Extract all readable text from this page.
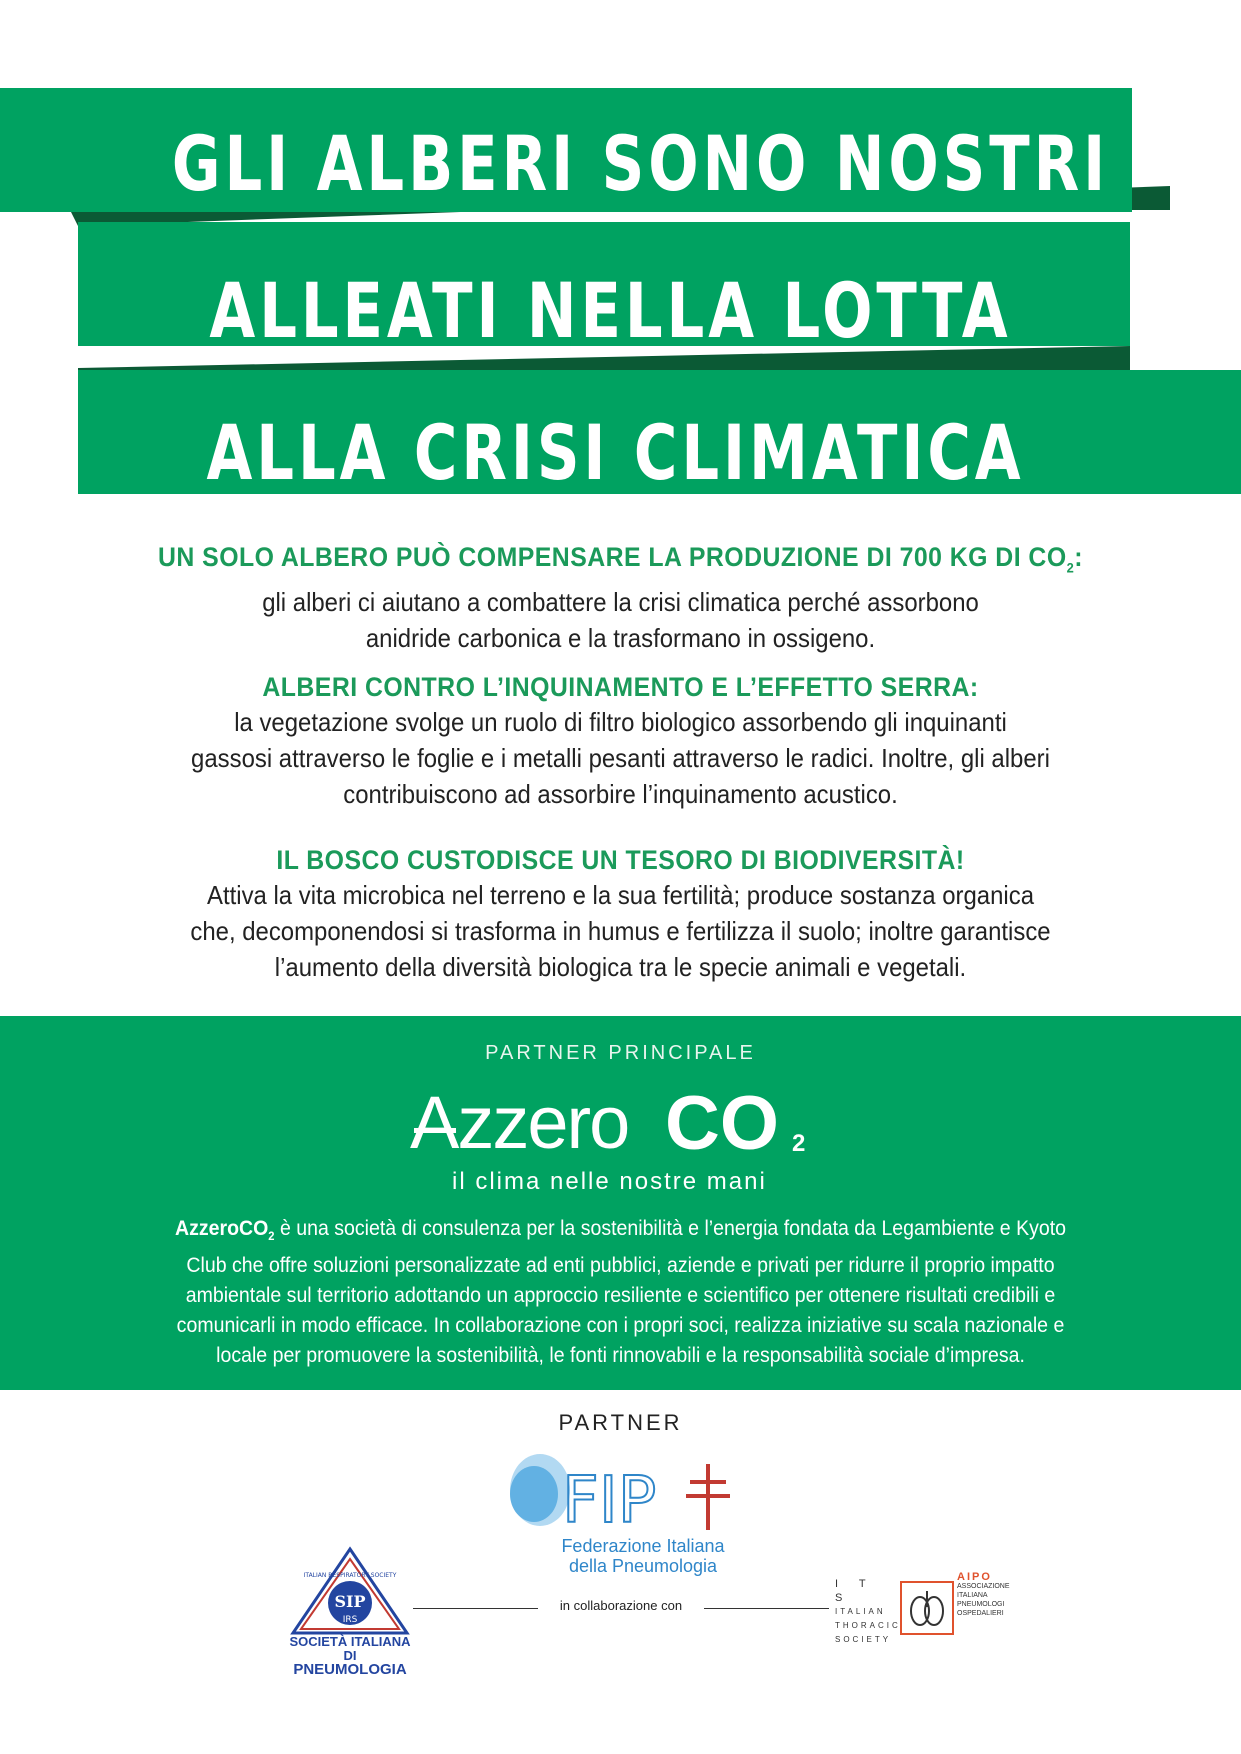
GLI ALBERI SONO NOSTRI
ALLEATI NELLA LOTTA
ALLA CRISI CLIMATICA
UN SOLO ALBERO PUÒ COMPENSARE LA PRODUZIONE DI 700 KG DI $CO_2$:
gli alberi ci aiutano a combattere la crisi climatica perché assorbono
anidride carbonica e la trasformano in ossigeno.
ALBERI CONTRO L’INQUINAMENTO E L’EFFETTO SERRA:
la vegetazione svolge un ruolo di filtro biologico assorbendo gli inquinanti
gassosi attraverso le foglie e i metalli pesanti attraverso le radici. Inoltre, gli alberi
contribuiscono ad assorbire l’inquinamento acustico.
IL BOSCO CUSTODISCE UN TESORO DI BIODIVERSITÀ!
Attiva la vita microbica nel terreno e la sua fertilità; produce sostanza organica
che, decomponendosi si trasforma in humus e fertilizza il suolo; inoltre garantisce
l’aumento della diversità biologica tra le specie animali e vegetali.
PARTNER PRINCIPALE
Azzero CO 2
il clima nelle nostre mani
AzzeroCO$_2$ è una società di consulenza per la sostenibilità e l’energia fondata da Legambiente e Kyoto
Club che offre soluzioni personalizzate ad enti pubblici, aziende e privati per ridurre il proprio impatto
ambientale sul territorio adottando un approccio resiliente e scientifico per ottenere risultati credibili e
comunicarli in modo efficace. In collaborazione con i propri soci, realizza iniziative su scala nazionale e
locale per promuovere la sostenibilità, le fonti rinnovabili e la responsabilità sociale d’impresa.
PARTNER
FIP
Federazione Italiana
della Pneumologia
SIP
IRS
ITALIAN RESPIRATORY SOCIETY
SOCIETÀ ITALIANA DI
PNEUMOLOGIA
in collaborazione con
I T S
ITALIAN
THORACIC
SOCIETY
AIPO
ASSOCIAZIONE
ITALIANA
PNEUMOLOGI
OSPEDALIERI
